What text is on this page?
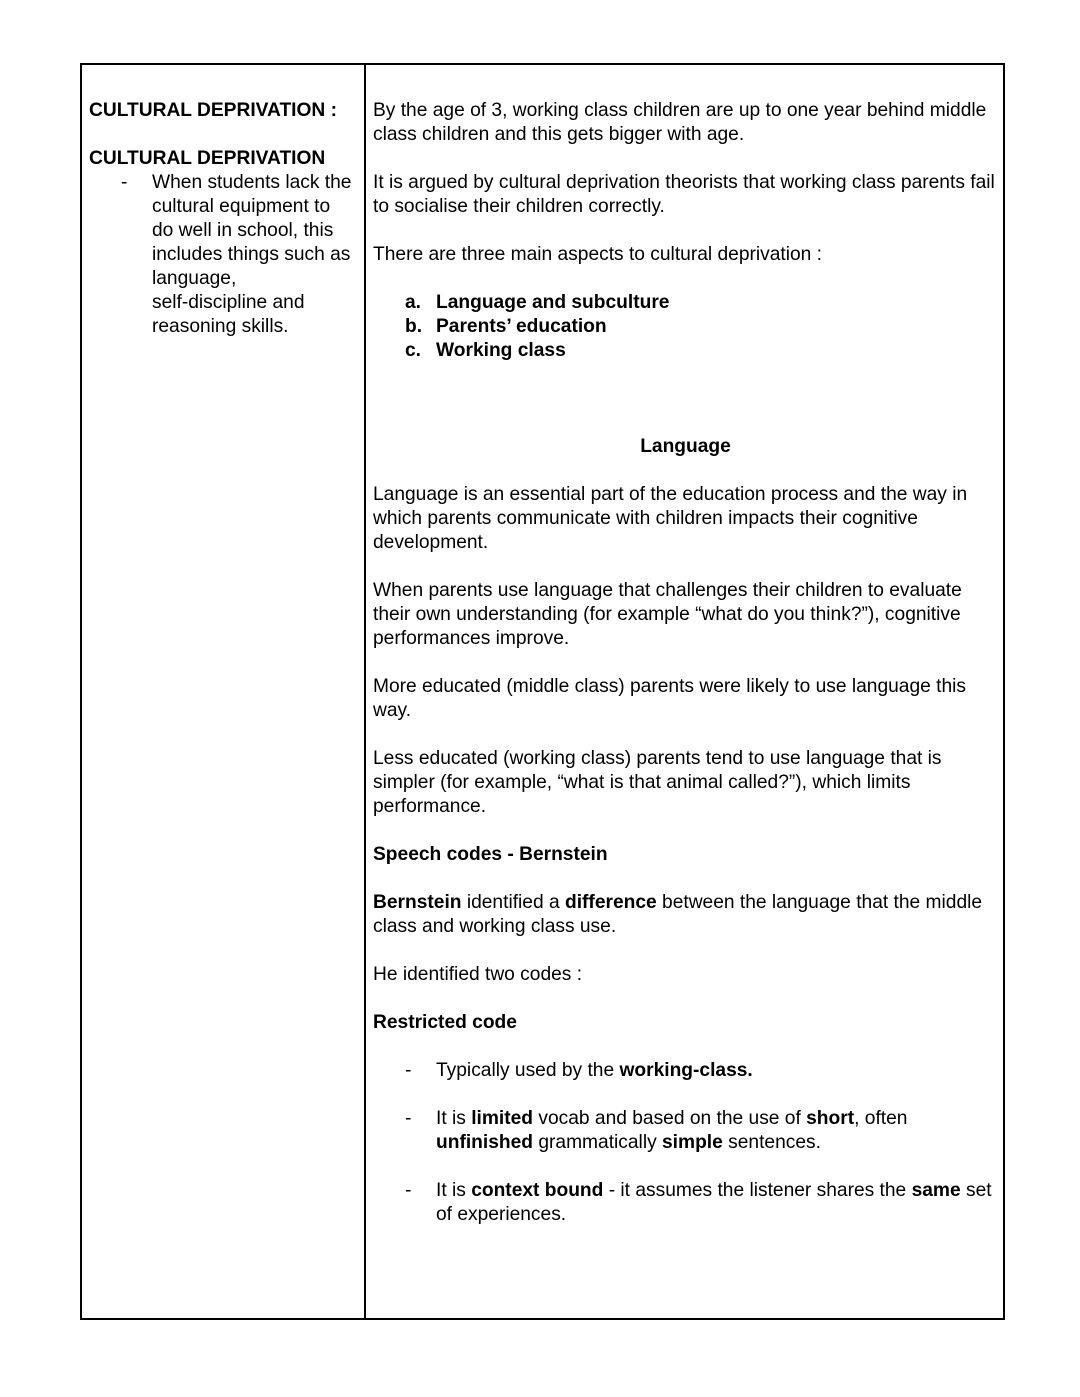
CULTURAL DEPRIVATION :
CULTURAL DEPRIVATION
- When students lack the
cultural equipment to
do well in school, this
includes things such as
language,
self-discipline and
reasoning skills.

By the age of 3, working class children are up to one year behind middle class children and this gets bigger with age.

It is argued by cultural deprivation theorists that working class parents fail to socialise their children correctly.

There are three main aspects to cultural deprivation :

a. Language and subculture
b. Parents’ education
c. Working class

Language

Language is an essential part of the education process and the way in which parents communicate with children impacts their cognitive development.

When parents use language that challenges their children to evaluate their own understanding (for example “what do you think?”), cognitive performances improve.

More educated (middle class) parents were likely to use language this way.

Less educated (working class) parents tend to use language that is simpler (for example, “what is that animal called?”), which limits performance.

Speech codes - Bernstein

Bernstein identified a difference between the language that the middle class and working class use.

He identified two codes :

Restricted code

- Typically used by the working-class.
- It is limited vocab and based on the use of short, often unfinished grammatically simple sentences.
- It is context bound - it assumes the listener shares the same set of experiences.
